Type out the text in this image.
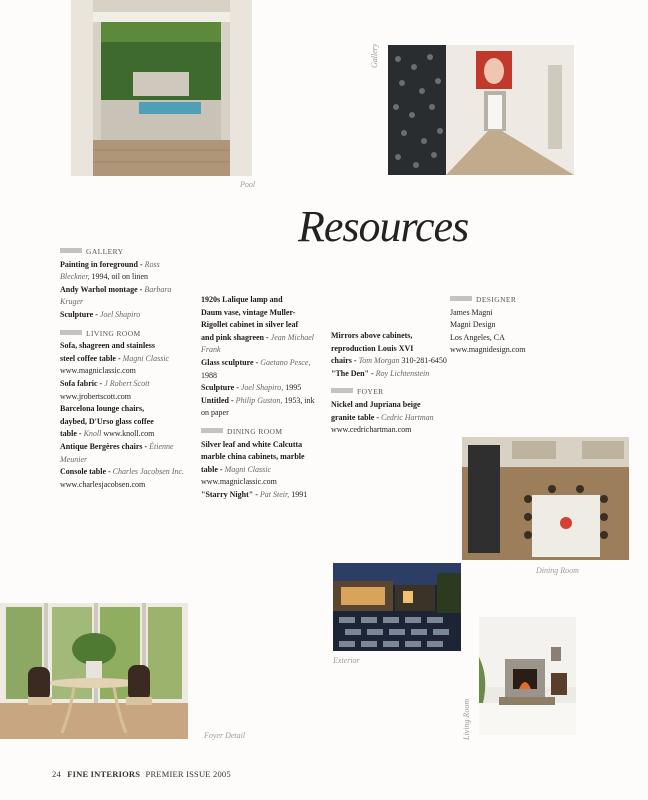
Pool
Gallery
Dining Room
Exterior
Foyer Detail	Living Room
Resources
GALLERY
Painting in foreground - Ross Bleckner, 1994, oil on linen
Andy Warhol montage - Barbara Kruger
Sculpture - Joel Shapiro
LIVING ROOM
Sofa, shagreen and stainless
steel coffee table - Magni Classic www.magniclassic.com
Sofa fabric - J Robert Scott www.jrobertscott.com
Barcelona lounge chairs,
daybed, D'Urso glass coffee
table - Knoll www.knoll.com
Antique Bergères chairs - Étienne Meunier
Console table - Charles Jacobsen Inc. www.charlesjacobsen.com
1920s Lalique lamp and
Daum vase, vintage Muller-
Rigollet cabinet in silver leaf
and pink shagreen - Jean Michael Frank
Glass sculpture - Gaetano Pesce, 1988
Sculpture - Joel Shapiro, 1995
Untitled - Philip Guston, 1953, ink on paper
DINING ROOM
Silver leaf and white Calcutta
marble china cabinets, marble
table - Magni Classic www.magniclassic.com
"Starry Night" - Pat Steir, 1991
Mirrors above cabinets,
reproduction Louis XVI
chairs - Tom Morgan 310-281-6450
"The Den" - Roy Lichtenstein
FOYER
Nickel and Jupriana beige
granite table - Cedric Hartman www.cedrichartman.com
DESIGNER
James Magni
Magni Design
Los Angeles, CA
www.magnidesign.com
24 FINE INTERIORS PREMIER ISSUE 2005
